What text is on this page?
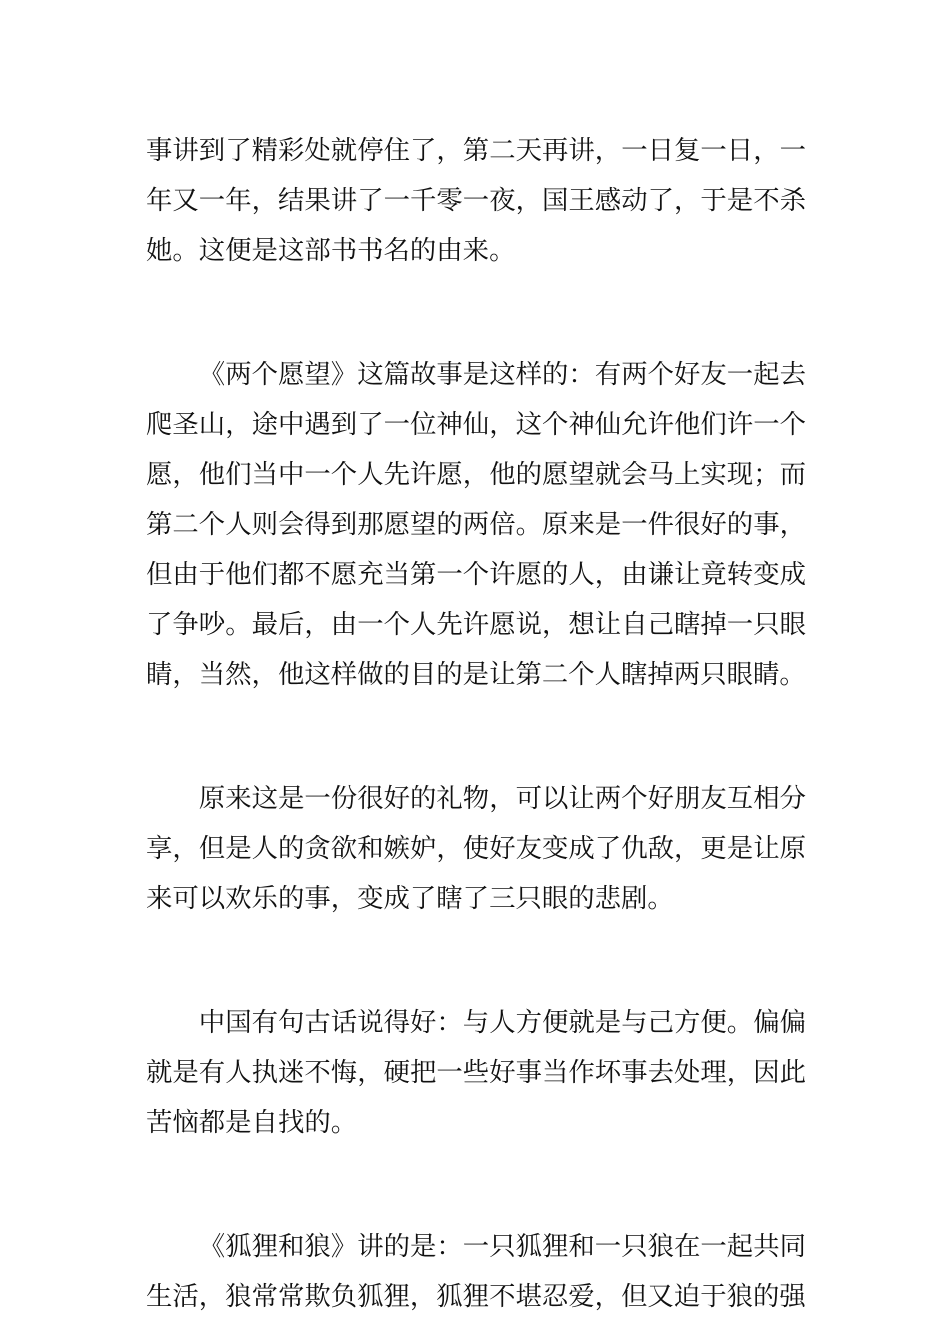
事讲到了精彩处就停住了，第二天再讲，一日复一日，一年又一年，结果讲了一千零一夜，国王感动了，于是不杀她。这便是这部书书名的由来。

《两个愿望》这篇故事是这样的：有两个好友一起去爬圣山，途中遇到了一位神仙，这个神仙允许他们许一个愿，他们当中一个人先许愿，他的愿望就会马上实现；而第二个人则会得到那愿望的两倍。原来是一件很好的事，但由于他们都不愿充当第一个许愿的人，由谦让竟转变成了争吵。最后，由一个人先许愿说，想让自己瞎掉一只眼睛，当然，他这样做的目的是让第二个人瞎掉两只眼睛。

原来这是一份很好的礼物，可以让两个好朋友互相分享，但是人的贪欲和嫉妒，使好友变成了仇敌，更是让原来可以欢乐的事，变成了瞎了三只眼的悲剧。

中国有句古话说得好：与人方便就是与己方便。偏偏就是有人执迷不悔，硬把一些好事当作坏事去处理，因此苦恼都是自找的。

《狐狸和狼》讲的是：一只狐狸和一只狼在一起共同生活，狼常常欺负狐狸，狐狸不堪忍爱，但又迫于狼的强
